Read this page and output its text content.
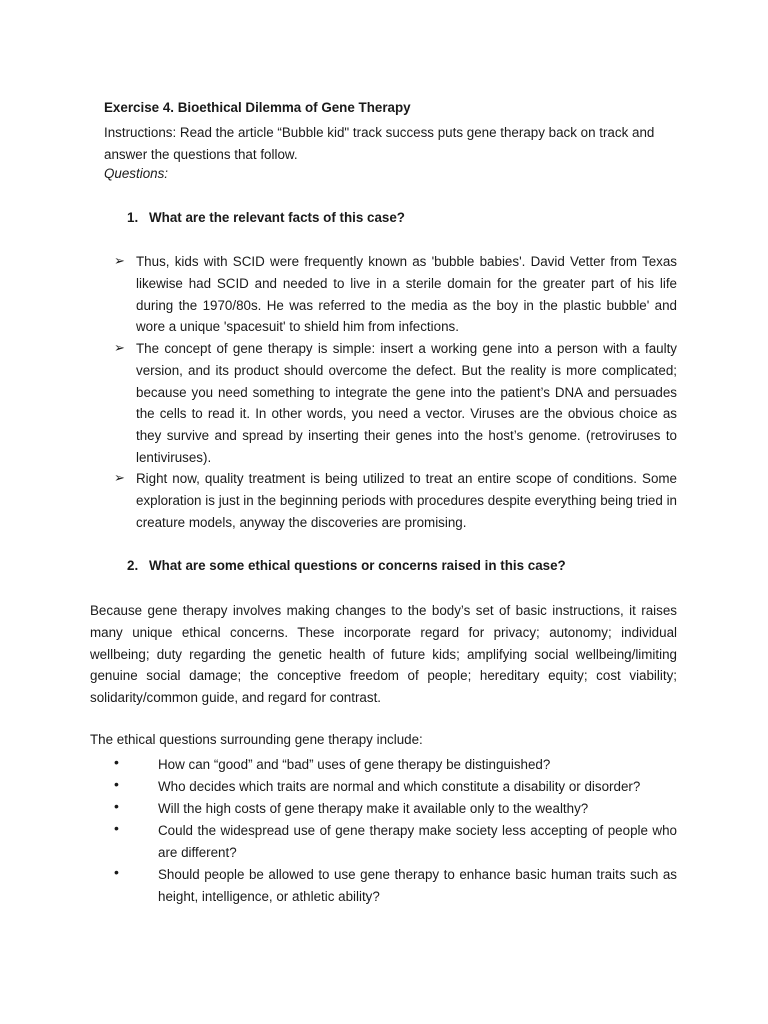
Exercise 4. Bioethical Dilemma of Gene Therapy
Instructions: Read the article “Bubble kid" track success puts gene therapy back on track and answer the questions that follow.
Questions:
1. What are the relevant facts of this case?
➢ Thus, kids with SCID were frequently known as 'bubble babies'. David Vetter from Texas likewise had SCID and needed to live in a sterile domain for the greater part of his life during the 1970/80s. He was referred to the media as the boy in the plastic bubble' and wore a unique 'spacesuit' to shield him from infections.
➢ The concept of gene therapy is simple: insert a working gene into a person with a faulty version, and its product should overcome the defect. But the reality is more complicated; because you need something to integrate the gene into the patient’s DNA and persuades the cells to read it. In other words, you need a vector. Viruses are the obvious choice as they survive and spread by inserting their genes into the host’s genome. (retroviruses to lentiviruses).
➢ Right now, quality treatment is being utilized to treat an entire scope of conditions. Some exploration is just in the beginning periods with procedures despite everything being tried in creature models, anyway the discoveries are promising.
2. What are some ethical questions or concerns raised in this case?
Because gene therapy involves making changes to the body’s set of basic instructions, it raises many unique ethical concerns. These incorporate regard for privacy; autonomy; individual wellbeing; duty regarding the genetic health of future kids; amplifying social wellbeing/limiting genuine social damage; the conceptive freedom of people; hereditary equity; cost viability; solidarity/common guide, and regard for contrast.
The ethical questions surrounding gene therapy include:
•	How can “good” and “bad” uses of gene therapy be distinguished?
•	Who decides which traits are normal and which constitute a disability or disorder?
•	Will the high costs of gene therapy make it available only to the wealthy?
•	Could the widespread use of gene therapy make society less accepting of people who are different?
•	Should people be allowed to use gene therapy to enhance basic human traits such as height, intelligence, or athletic ability?
